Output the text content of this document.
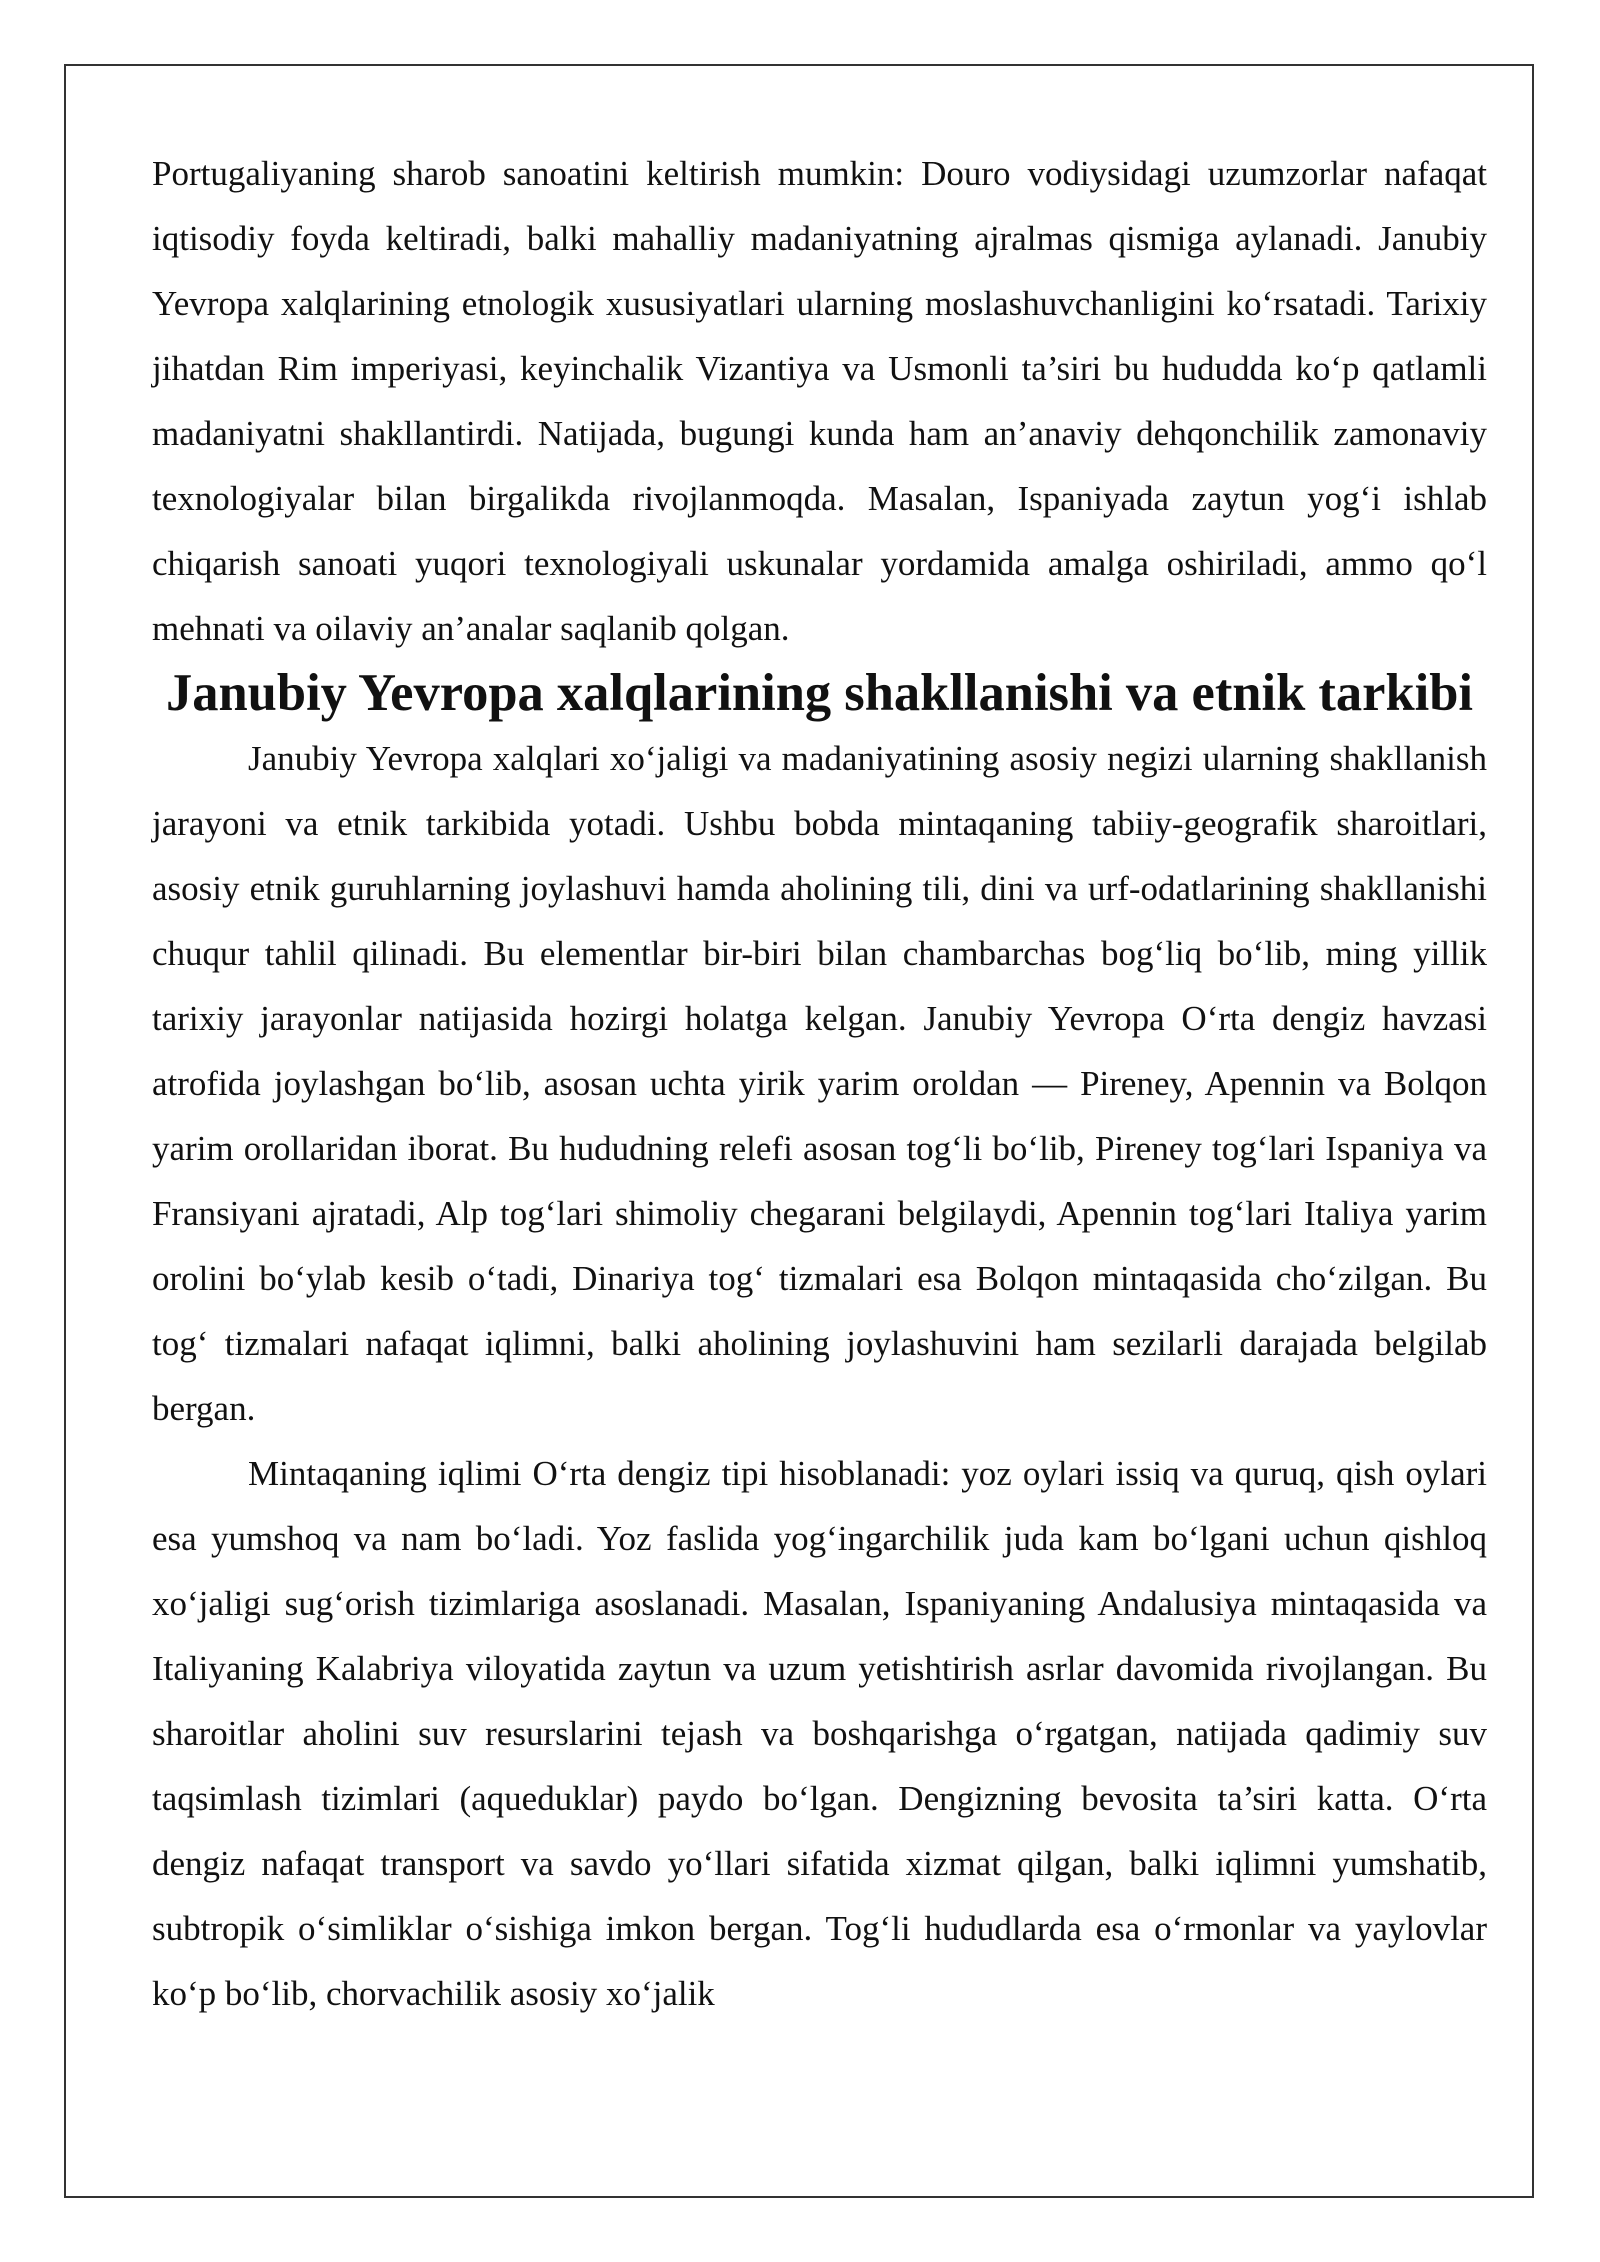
Portugaliyaning sharob sanoatini keltirish mumkin: Douro vodiysidagi uzumzorlar nafaqat iqtisodiy foyda keltiradi, balki mahalliy madaniyatning ajralmas qismiga aylanadi. Janubiy Yevropa xalqlarining etnologik xususiyatlari ularning moslashuvchanligini ko‘rsatadi. Tarixiy jihatdan Rim imperiyasi, keyinchalik Vizantiya va Usmonli ta’siri bu hududda ko‘p qatlamli madaniyatni shakllantirdi. Natijada, bugungi kunda ham an’anaviy dehqonchilik zamonaviy texnologiyalar bilan birgalikda rivojlanmoqda. Masalan, Ispaniyada zaytun yog‘i ishlab chiqarish sanoati yuqori texnologiyali uskunalar yordamida amalga oshiriladi, ammo qo‘l mehnati va oilaviy an’analar saqlanib qolgan.

Janubiy Yevropa xalqlarining shakllanishi va etnik tarkibi

Janubiy Yevropa xalqlari xo‘jaligi va madaniyatining asosiy negizi ularning shakllanish jarayoni va etnik tarkibida yotadi. Ushbu bobda mintaqaning tabiiy-geografik sharoitlari, asosiy etnik guruhlarning joylashuvi hamda aholining tili, dini va urf-odatlarining shakllanishi chuqur tahlil qilinadi. Bu elementlar bir-biri bilan chambarchas bog‘liq bo‘lib, ming yillik tarixiy jarayonlar natijasida hozirgi holatga kelgan. Janubiy Yevropa O‘rta dengiz havzasi atrofida joylashgan bo‘lib, asosan uchta yirik yarim oroldan — Pireney, Apennin va Bolqon yarim orollaridan iborat. Bu hududning relefi asosan tog‘li bo‘lib, Pireney tog‘lari Ispaniya va Fransiyani ajratadi, Alp tog‘lari shimoliy chegarani belgilaydi, Apennin tog‘lari Italiya yarim orolini bo‘ylab kesib o‘tadi, Dinariya tog‘ tizmalari esa Bolqon mintaqasida cho‘zilgan. Bu tog‘ tizmalari nafaqat iqlimni, balki aholining joylashuvini ham sezilarli darajada belgilab bergan.

Mintaqaning iqlimi O‘rta dengiz tipi hisoblanadi: yoz oylari issiq va quruq, qish oylari esa yumshoq va nam bo‘ladi. Yoz faslida yog‘ingarchilik juda kam bo‘lgani uchun qishloq xo‘jaligi sug‘orish tizimlariga asoslanadi. Masalan, Ispaniyaning Andalusiya mintaqasida va Italiyaning Kalabriya viloyatida zaytun va uzum yetishtirish asrlar davomida rivojlangan. Bu sharoitlar aholini suv resurslarini tejash va boshqarishga o‘rgatgan, natijada qadimiy suv taqsimlash tizimlari (aqueduklar) paydo bo‘lgan. Dengizning bevosita ta’siri katta. O‘rta dengiz nafaqat transport va savdo yo‘llari sifatida xizmat qilgan, balki iqlimni yumshatib, subtropik o‘simliklar o‘sishiga imkon bergan. Tog‘li hududlarda esa o‘rmonlar va yaylovlar ko‘p bo‘lib, chorvachilik asosiy xo‘jalik
